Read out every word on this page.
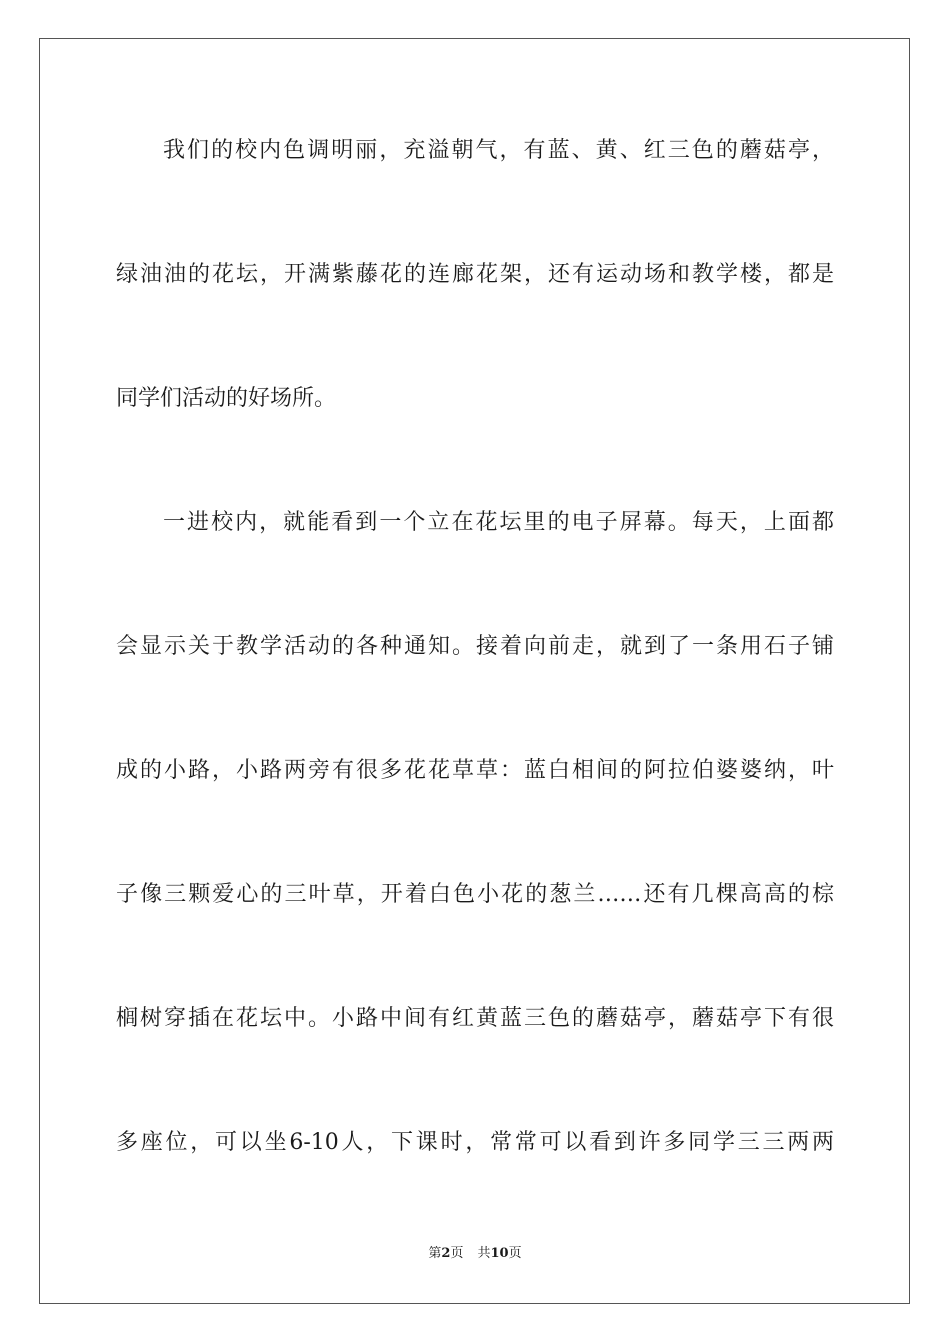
我们的校内色调明丽，充溢朝气，有蓝、黄、红三色的蘑菇亭，
绿油油的花坛，开满紫藤花的连廊花架，还有运动场和教学楼，都是
同学们活动的好场所。
一进校内，就能看到一个立在花坛里的电子屏幕。每天，上面都
会显示关于教学活动的各种通知。接着向前走，就到了一条用石子铺
成的小路，小路两旁有很多花花草草：蓝白相间的阿拉伯婆婆纳，叶
子像三颗爱心的三叶草，开着白色小花的葱兰……还有几棵高高的棕
榈树穿插在花坛中。小路中间有红黄蓝三色的蘑菇亭，蘑菇亭下有很
多座位，可以坐6-10人，下课时，常常可以看到许多同学三三两两
第2页 共10页
